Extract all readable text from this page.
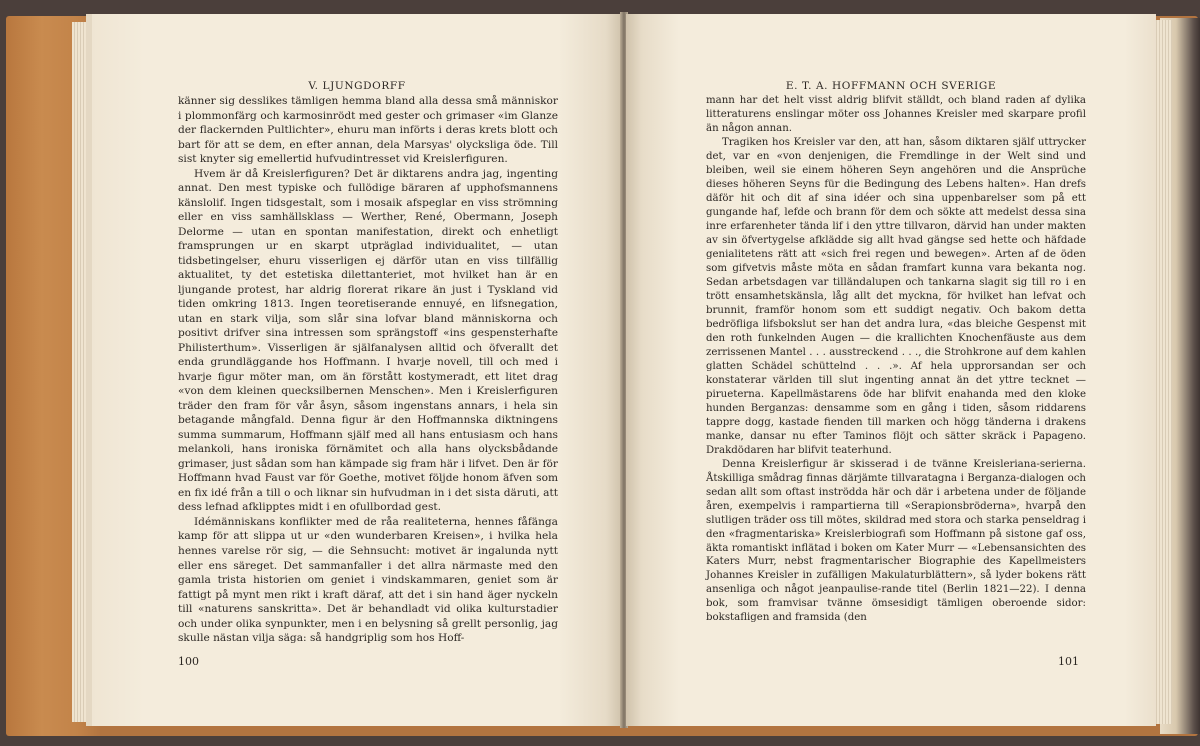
V. LJUNGDORFF

känner sig desslikes tämligen hemma bland alla dessa små människor i plommonfärg och karmosinrödt med gester och grimaser «im Glanze der flackernden Pultlichter», ehuru man införts i deras krets blott och bart för att se dem, en efter annan, dela Marsyas' olycksliga öde. Till sist knyter sig emellertid hufvudintresset vid Kreislerfiguren.

Hvem är då Kreislerfiguren? Det är diktarens andra jag, ingenting annat. Den mest typiske och fullödige bäraren af upphofsmannens känslolif. Ingen tidsgestalt, som i mosaik afspeglar en viss strömning eller en viss samhällsklass — Werther, René, Obermann, Joseph Delorme — utan en spontan manifestation, direkt och enhetligt framsprungen ur en skarpt utpräglad individualitet, — utan tidsbetingelser, ehuru visserligen ej därför utan en viss tillfällig aktualitet, ty det estetiska dilettanteriet, mot hvilket han är en ljungande protest, har aldrig florerat rikare än just i Tyskland vid tiden omkring 1813. Ingen teoretiserande ennuyé, en lifsnegation, utan en stark vilja, som slår sina lofvar bland människorna och positivt drifver sina intressen som sprängstoff «ins gespensterhafte Philisterthum». Visserligen är själfanalysen alltid och öfverallt det enda grundläggande hos Hoffmann. I hvarje novell, till och med i hvarje figur möter man, om än förstått kostymeradt, ett litet drag «von dem kleinen quecksilbernen Menschen». Men i Kreislerfiguren träder den fram för vår åsyn, såsom ingenstans annars, i hela sin betagande mångfald. Denna figur är den Hoffmannska diktningens summa summarum, Hoffmann själf med all hans entusiasm och hans melankoli, hans ironiska förnämitet och alla hans olycksbådande grimaser, just sådan som han kämpade sig fram här i lifvet. Den är för Hoffmann hvad Faust var för Goethe, motivet följde honom äfven som en fix idé från a till o och liknar sin hufvudman in i det sista däruti, att dess lefnad afklipptes midt i en ofullbordad gest.

Idémänniskans konflikter med de råa realiteterna, hennes fåfänga kamp för att slippa ut ur «den wunderbaren Kreisen», i hvilka hela hennes varelse rör sig, — die Sehnsucht: motivet är ingalunda nytt eller ens säreget. Det sammanfaller i det allra närmaste med den gamla trista historien om geniet i vindskammaren, geniet som är fattigt på mynt men rikt i kraft däraf, att det i sin hand äger nyckeln till «naturens sanskritta». Det är behandladt vid olika kulturstadier och under olika synpunkter, men i en belysning så grellt personlig, jag skulle nästan vilja säga: så handgriplig som hos Hoff-

100
E. T. A. HOFFMANN OCH SVERIGE

mann har det helt visst aldrig blifvit ställdt, och bland raden af dylika litteraturens enslingar möter oss Johannes Kreisler med skarpare profil än någon annan.

Tragiken hos Kreisler var den, att han, såsom diktaren själf uttrycker det, var en «von denjenigen, die Fremdlinge in der Welt sind und bleiben, weil sie einem höheren Seyn angehören und die Ansprüche dieses höheren Seyns für die Bedingung des Lebens halten». Han drefs däför hit och dit af sina idéer och sina uppenbarelser som på ett gungande haf, lefde och brann för dem och sökte att medelst dessa sina inre erfarenheter tända lif i den yttre tillvaron, därvid han under makten av sin öfvertygelse afklädde sig allt hvad gängse sed hette och häfdade genialitetens rätt att «sich frei regen und bewegen». Arten af de öden som gifvetvis måste möta en sådan framfart kunna vara bekanta nog. Sedan arbetsdagen var tilländalupen och tankarna slagit sig till ro i en trött ensamhetskänsla, låg allt det myckna, för hvilket han lefvat och brunnit, framför honom som ett suddigt negativ. Och bakom detta bedröfliga lifsbokslut ser han det andra lura, «das bleiche Gespenst mit den roth funkelnden Augen — die krallichten Knochenfäuste aus dem zerrissenen Mantel . . . ausstreckend . . ., die Strohkrone auf dem kahlen glatten Schädel schüttelnd . . .». Af hela upprorsandan ser och konstaterar världen till slut ingenting annat än det yttre tecknet — pirueterna. Kapellmästarens öde har blifvit enahanda med den kloke hunden Berganzas: densamme som en gång i tiden, såsom riddarens tappre dogg, kastade fienden till marken och högg tänderna i drakens manke, dansar nu efter Taminos flöjt och sätter skräck i Papageno. Drakdödaren har blifvit teaterhund.

Denna Kreislerfigur är skisserad i de tvänne Kreisleriana-serierna. Åtskilliga smådrag finnas därjämte tillvaratagna i Berganza-dialogen och sedan allt som oftast inströdda här och där i arbetena under de följande åren, exempelvis i rampartierna till «Serapionsbröderna», hvarpå den slutligen träder oss till mötes, skildrad med stora och starka penseldrag i den «fragmentariska» Kreislerbiografi som Hoffmann på sistone gaf oss, äkta romantiskt inflätad i boken om Kater Murr — «Lebensansichten des Katers Murr, nebst fragmentarischer Biographie des Kapellmeisters Johannes Kreisler in zufälligen Makulaturblättern», så lyder bokens rätt ansenliga och något jeanpaulise-rande titel (Berlin 1821—22). I denna bok, som framvisar tvänne ömsesidigt tämligen oberoende sidor: bokstafligen and framsida (den

101
